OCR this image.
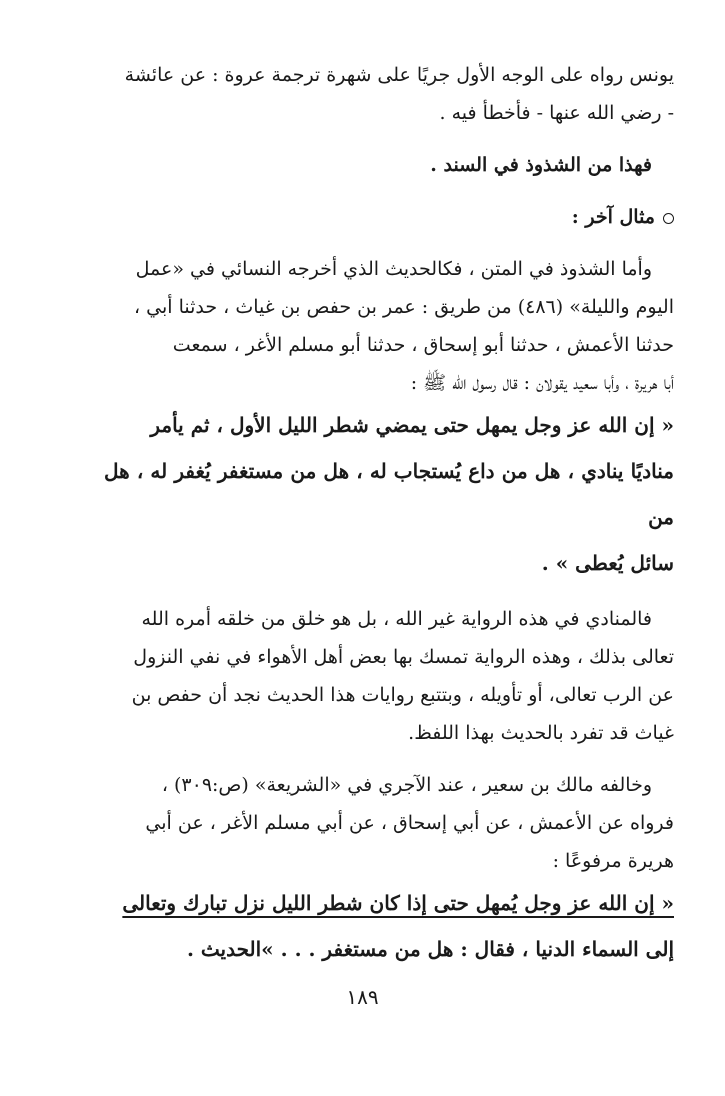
يونس رواه على الوجه الأول جريًا على شهرة ترجمة عروة : عن عائشة
- رضي الله عنها - فأخطأ فيه .
فهذا من الشذوذ في السند .
مثال آخر :
وأما الشذوذ في المتن ، فكالحديث الذي أخرجه النسائي في «عمل
اليوم والليلة» (٤٨٦) من طريق : عمر بن حفص بن غياث ، حدثنا أبي ،
حدثنا الأعمش ، حدثنا أبو إسحاق ، حدثنا أبو مسلم الأغر ، سمعت
أبا هريرة ، وأبا سعيد يقولان : قال رسول الله ﷺ :
« إن الله عز وجل يمهل حتى يمضي شطر الليل الأول ، ثم يأمر
مناديًا ينادي ، هل من داع يُستجاب له ، هل من مستغفر يُغفر له ، هل من
سائل يُعطى » .
فالمنادي في هذه الرواية غير الله ، بل هو خلق من خلقه أمره الله
تعالى بذلك ، وهذه الرواية تمسك بها بعض أهل الأهواء في نفي النزول
عن الرب تعالى، أو تأويله ، وبتتبع روايات هذا الحديث نجد أن حفص بن
غياث قد تفرد بالحديث بهذا اللفظ.
وخالفه مالك بن سعير ، عند الآجري في «الشريعة» (ص:٣٠٩) ،
فرواه عن الأعمش ، عن أبي إسحاق ، عن أبي مسلم الأغر ، عن أبي
هريرة مرفوعًا :
« إن الله عز وجل يُمهل حتى إذا كان شطر الليل نزل تبارك وتعالى
إلى السماء الدنيا ، فقال : هل من مستغفر . . . »الحديث .
١٨٩
